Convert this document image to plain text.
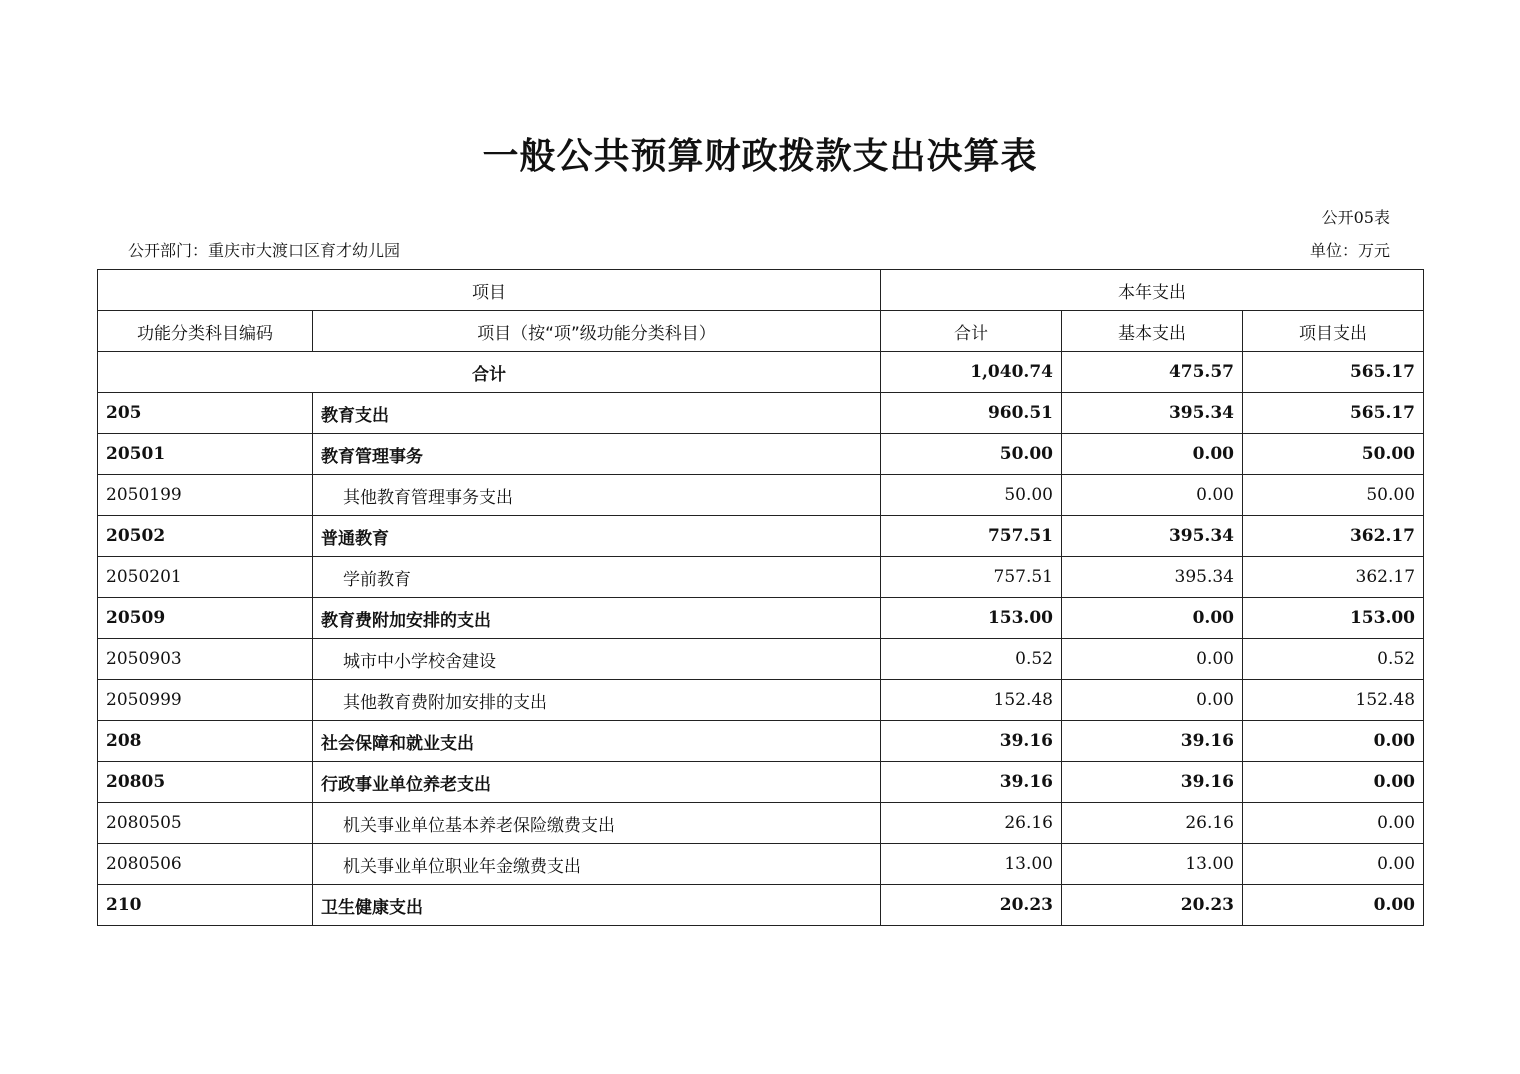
一般公共预算财政拨款支出决算表
公开05表
公开部门：重庆市大渡口区育才幼儿园	单位：万元
项目		本年支出		
功能分类科目编码	项目（按“项”级功能分类科目）	合计	基本支出	项目支出
合计		1,040.74	475.57	565.17
205	教育支出	960.51	395.34	565.17
20501	教育管理事务	50.00	0.00	50.00
2050199	其他教育管理事务支出	50.00	0.00	50.00
20502	普通教育	757.51	395.34	362.17
2050201	学前教育	757.51	395.34	362.17
20509	教育费附加安排的支出	153.00	0.00	153.00
2050903	城市中小学校舍建设	0.52	0.00	0.52
2050999	其他教育费附加安排的支出	152.48	0.00	152.48
208	社会保障和就业支出	39.16	39.16	0.00
20805	行政事业单位养老支出	39.16	39.16	0.00
2080505	机关事业单位基本养老保险缴费支出	26.16	26.16	0.00
2080506	机关事业单位职业年金缴费支出	13.00	13.00	0.00
210	卫生健康支出	20.23	20.23	0.00
